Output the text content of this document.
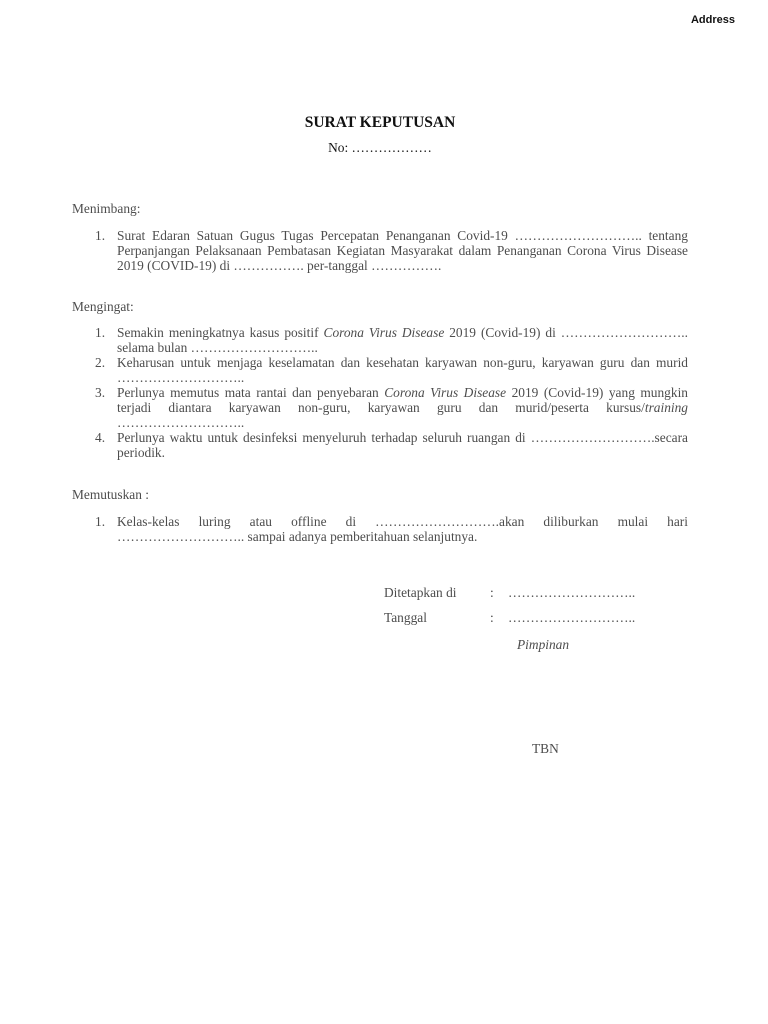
Address
SURAT KEPUTUSAN
No: ………………
Menimbang:
1. Surat Edaran Satuan Gugus Tugas Percepatan Penanganan Covid-19 ……………………….. tentang Perpanjangan Pelaksanaan Pembatasan Kegiatan Masyarakat dalam Penanganan Corona Virus Disease 2019 (COVID-19) di ……………. per-tanggal …………….
Mengingat:
1. Semakin meningkatnya kasus positif Corona Virus Disease 2019 (Covid-19) di ……………………….. selama bulan ………………………..
2. Keharusan untuk menjaga keselamatan dan kesehatan karyawan non-guru, karyawan guru dan murid ………………………..
3. Perlunya memutus mata rantai dan penyebaran Corona Virus Disease 2019 (Covid-19) yang mungkin terjadi diantara karyawan non-guru, karyawan guru dan murid/peserta kursus/training ………………………..
4. Perlunya waktu untuk desinfeksi menyeluruh terhadap seluruh ruangan di ……………………….secara periodik.
Memutuskan :
1. Kelas-kelas luring atau offline di ……………………….akan diliburkan mulai hari ……………………….. sampai adanya pemberitahuan selanjutnya.
Ditetapkan di : ………………………..
Tanggal	: ………………………..
Pimpinan
TBN
